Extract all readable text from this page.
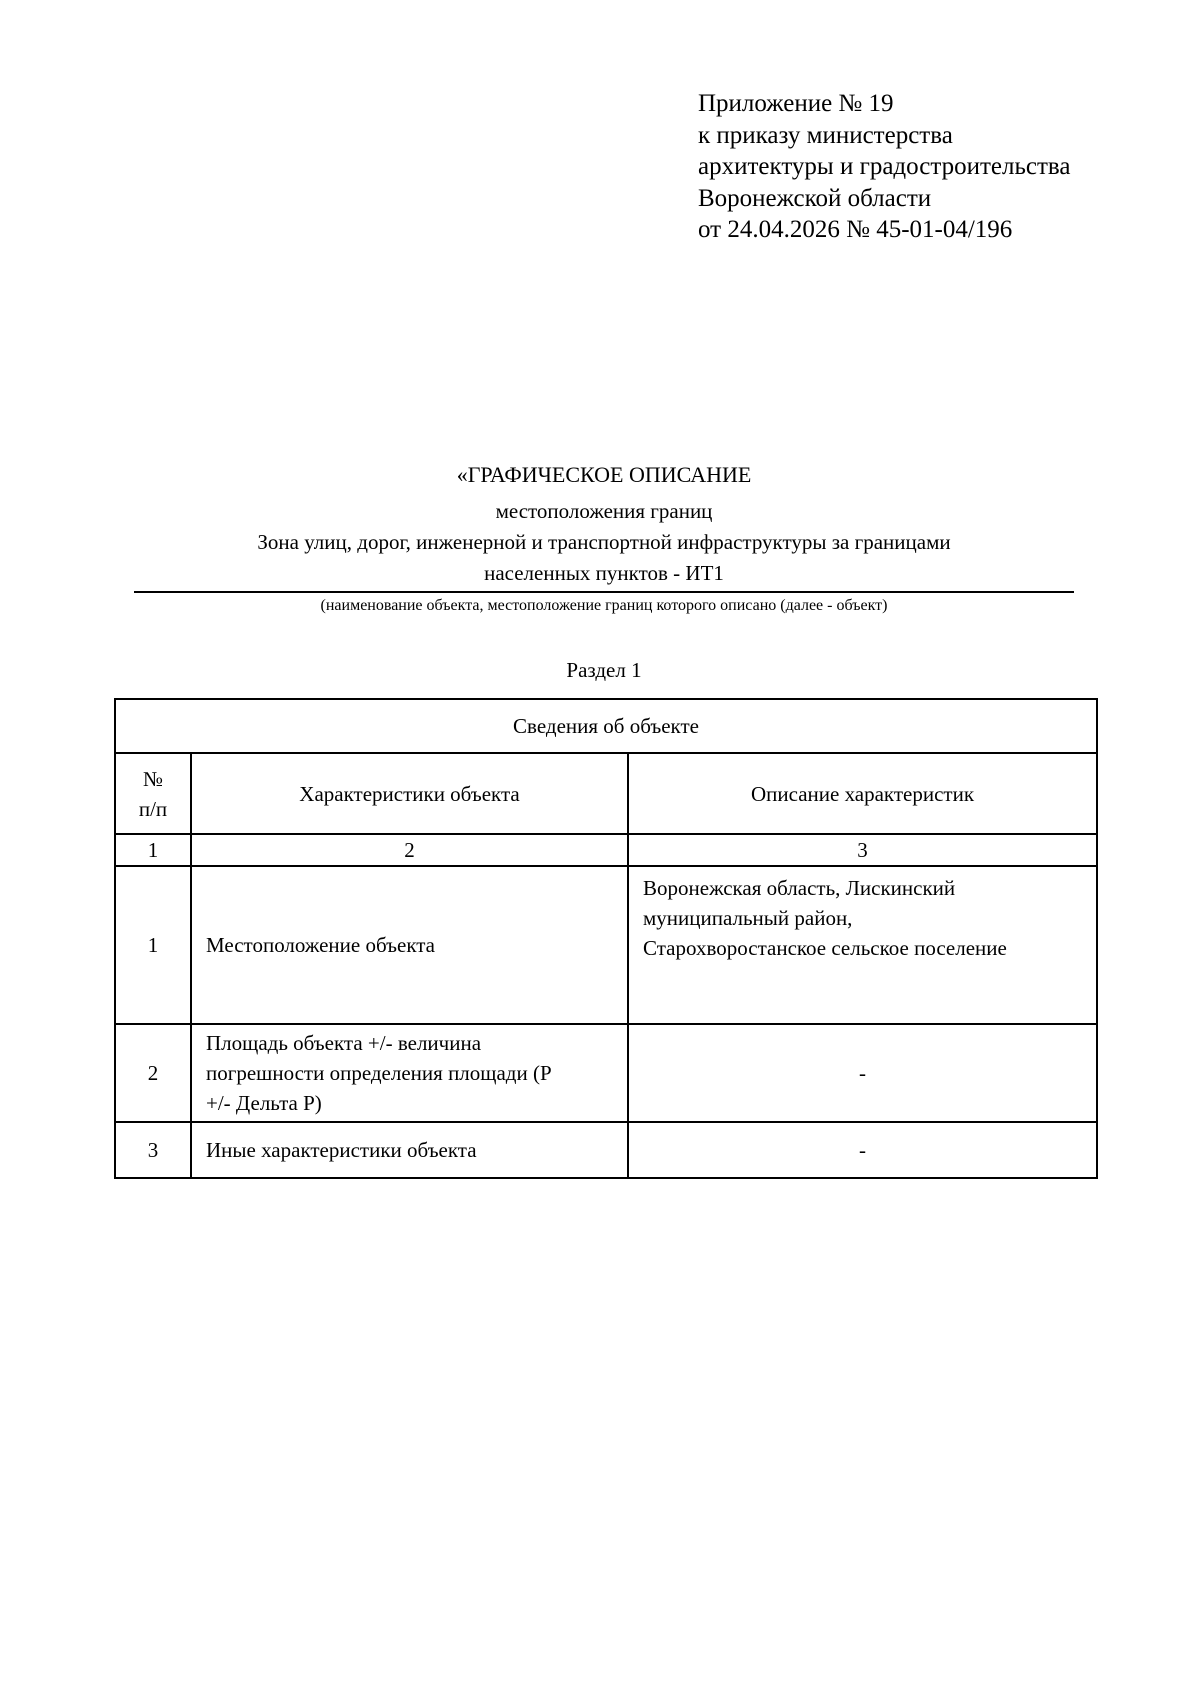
Приложение № 19
к приказу министерства
архитектуры и градостроительства
Воронежской области
от 24.04.2026 № 45-01-04/196
«ГРАФИЧЕСКОЕ ОПИСАНИЕ
местоположения границ
Зона улиц, дорог, инженерной и транспортной инфраструктуры за границами
населенных пунктов - ИТ1
(наименование объекта, местоположение границ которого описано (далее - объект)
Раздел 1
Сведения об объекте		

№
п/п	Характеристики объекта	Описание характеристик
1	2	3
1	Местоположение объекта	Воронежская область, Лискинский
муниципальный район,
Старохворостанское сельское поселение

2	Площадь объекта +/- величина
погрешности определения площади (P
+/- Дельта P)	-
3	Иные характеристики объекта	-
